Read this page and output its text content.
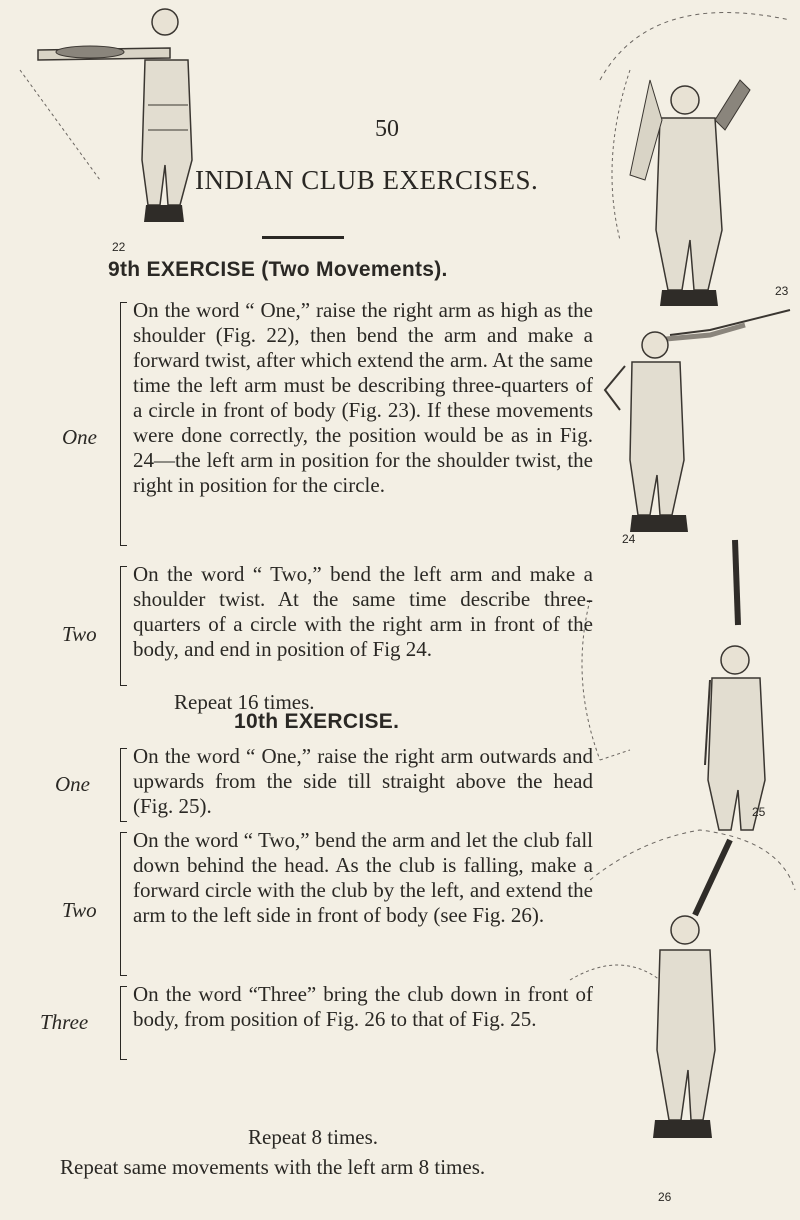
22
23
24
25
26
50
INDIAN CLUB EXERCISES.
9th EXERCISE (Two Movements).
One
On the word “ One,” raise the right arm as high as the shoulder (Fig. 22), then bend the arm and make a forward twist, after which extend the arm. At the same time the left arm must be describing three-quarters of a circle in front of body (Fig. 23). If these movements were done correctly, the position would be as in Fig. 24—the left arm in position for the shoulder twist, the right in position for the circle.
Two
On the word “ Two,” bend the left arm and make a shoulder twist. At the same time describe three-quarters of a circle with the right arm in front of the body, and end in position of Fig 24.
Repeat 16 times.
10th EXERCISE.
One
On the word “ One,” raise the right arm outwards and upwards from the side till straight above the head (Fig. 25).
Two
On the word “ Two,” bend the arm and let the club fall down behind the head. As the club is falling, make a forward circle with the club by the left, and extend the arm to the left side in front of body (see Fig. 26).
Three
On the word “Three” bring the club down in front of body, from position of Fig. 26 to that of Fig. 25.
Repeat 8 times.
Repeat same movements with the left arm 8 times.
